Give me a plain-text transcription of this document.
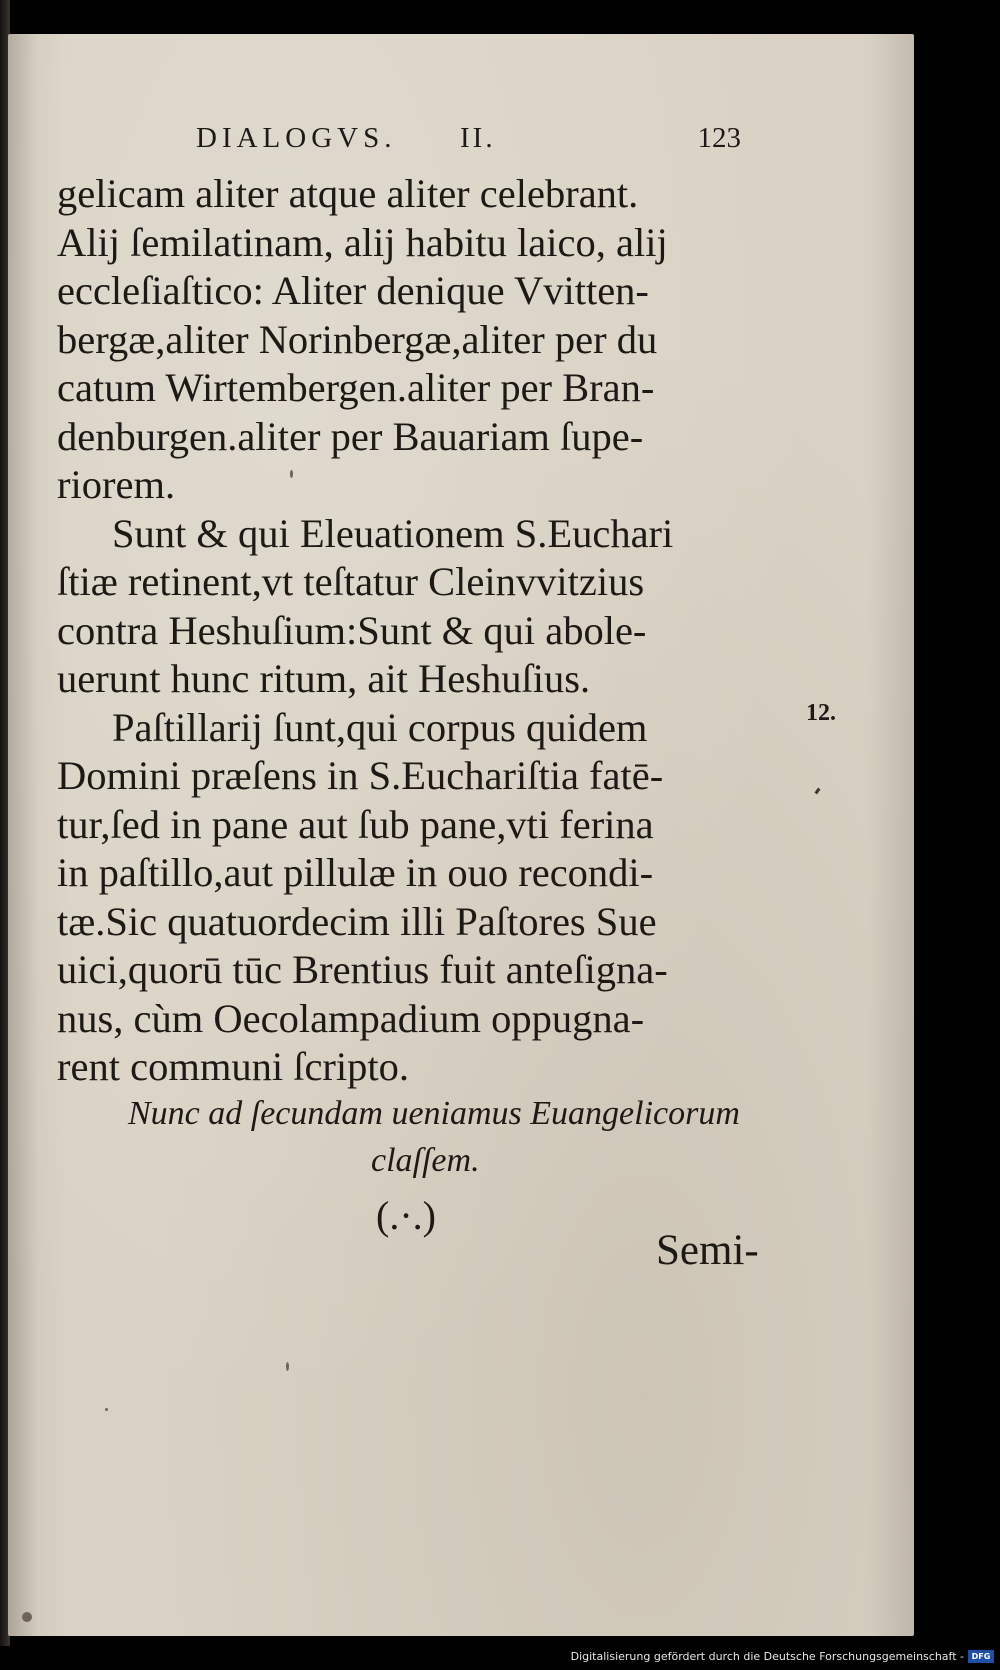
DIALOGVS. II.	123
gelicam aliter atque aliter celebrant.
Alij ſemilatinam, alij habitu laico, alij
eccleſiaſtico: Aliter denique Vvitten-
bergæ,aliter Norinbergæ,aliter per du
catum Wirtembergen.aliter per Bran-
denburgen.aliter per Bauariam ſupe-
riorem.
Sunt & qui Eleuationem S.Euchari
ſtiæ retinent,vt teſtatur Cleinvvitzius
contra Heshuſium:Sunt & qui abole-
uerunt hunc ritum, ait Heshuſius.
Paſtillarij ſunt,qui corpus quidem
Domini præſens in S.Euchariſtia fatē-
tur,ſed in pane aut ſub pane,vti ferina
in paſtillo,aut pillulæ in ouo recondi-
tæ.Sic quatuordecim illi Paſtores Sue
uici,quorū tūc Brentius fuit anteſigna-
nus, cùm Oecolampadium oppugna-
rent communi ſcripto.
12.
Nunc ad ſecundam ueniamus Euangelicorum
claſſem.
(.·.)
Semi-
Digitalisierung gefördert durch die Deutsche Forschungsgemeinschaft - DFG
